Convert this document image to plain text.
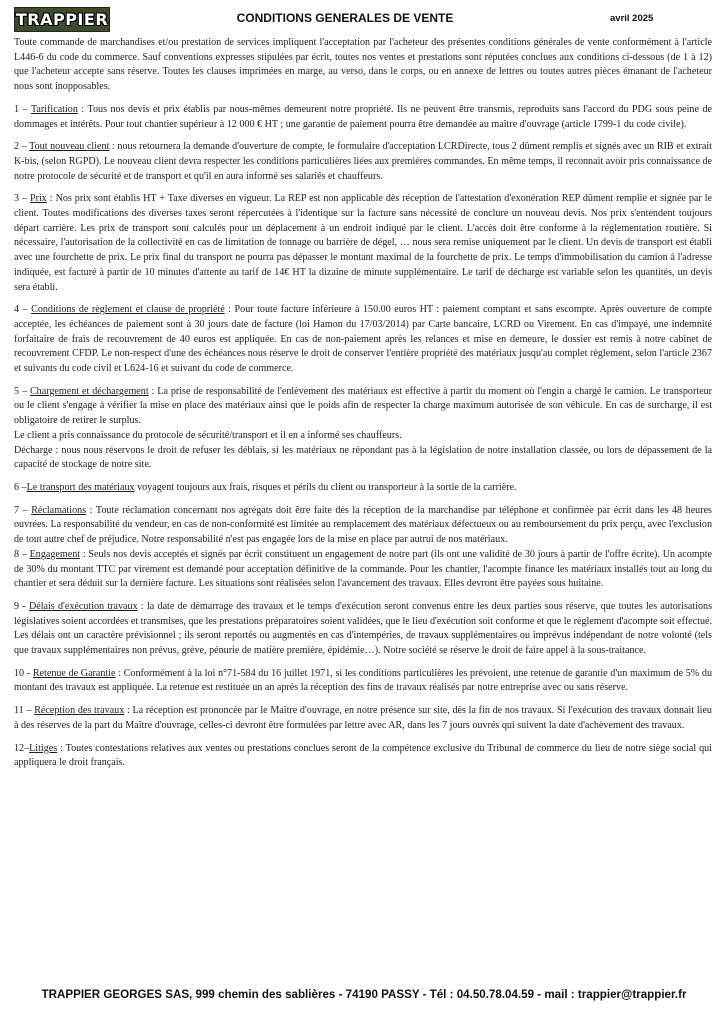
TRAPPIER	CONDITIONS GENERALES DE VENTE	avril 2025

Toute commande de marchandises et/ou prestation de services impliquent l'acceptation par l'acheteur des présentes conditions générales de vente conformément à l'article L446-6 du code du commerce. Sauf conventions expresses stipulées par écrit, toutes nos ventes et prestations sont réputées conclues aux conditions ci-dessous (de 1 à 12) que l'acheteur accepte sans réserve. Toutes les clauses imprimées en marge, au verso, dans le corps, ou en annexe de lettres ou toutes autres pièces émanant de l'acheteur nous sont inopposables.

1 – Tarification : Tous nos devis et prix établis par nous-mêmes demeurent notre propriété. Ils ne peuvent être transmis, reproduits sans l'accord du PDG sous peine de dommages et intérêts. Pour tout chantier supérieur à 12 000 € HT ; une garantie de paiement pourra être demandée au maître d'ouvrage (article 1799-1 du code civile).

2 – Tout nouveau client : nous retournera la demande d'ouverture de compte, le formulaire d'acceptation LCRDirecte, tous 2 dûment remplis et signés avec un RIB et extrait K-bis, (selon RGPD). Le nouveau client devra respecter les conditions particulières liées aux premières commandes. En même temps, il reconnait avoir pris connaissance de notre protocole de sécurité et de transport et qu'il en aura informé ses salariés et chauffeurs.

3 – Prix : Nos prix sont établis HT + Taxe diverses en vigueur. La REP est non applicable dès réception de l'attestation d'exonération REP dûment remplie et signée par le client. Toutes modifications des diverses taxes seront répercutées à l'identique sur la facture sans nécessité de conclure un nouveau devis. Nos prix s'entendent toujours départ carrière. Les prix de transport sont calculés pour un déplacement à un endroit indiqué par le client. L'accès doit être conforme à la réglementation routière. Si nécessaire, l'autorisation de la collectivité en cas de limitation de tonnage ou barrière de dégel, … nous sera remise uniquement par le client. Un devis de transport est établi avec une fourchette de prix. Le prix final du transport ne pourra pas dépasser le montant maximal de la fourchette de prix. Le temps d'immobilisation du camion à l'adresse indiquée, est facturé à partir de 10 minutes d'attente au tarif de 14€ HT la dizaine de minute supplémentaire. Le tarif de décharge est variable selon les quantités, un devis sera établi.

4 – Conditions de règlement et clause de propriété : Pour toute facture inférieure à 150.00 euros HT : paiement comptant et sans escompte. Après ouverture de compte acceptée, les échéances de paiement sont à 30 jours date de facture (loi Hamon du 17/03/2014) par Carte bancaire, LCRD ou Virement. En cas d'impayé, une indemnité forfaitaire de frais de recouvrement de 40 euros est appliquée. En cas de non-paiement après les relances et mise en demeure, le dossier est remis à notre cabinet de recouvrement CFDP. Le non-respect d'une des échéances nous réserve le droit de conserver l'entière propriété des matériaux jusqu'au complet règlement, selon l'article 2367 et suivants du code civil et L624-16 et suivant du code de commerce.

5 – Chargement et déchargement : La prise de responsabilité de l'enlèvement des matériaux est effective à partir du moment où l'engin a chargé le camion. Le transporteur ou le client s'engage à vérifier la mise en place des matériaux ainsi que le poids afin de respecter la charge maximum autorisée de son véhicule. En cas de surcharge, il est obligatoire de retirer le surplus.

Le client a pris connaissance du protocole de sécurité/transport et il en a informé ses chauffeurs.

Décharge : nous nous réservons le droit de refuser les déblais, si les matériaux ne répondant pas à la législation de notre installation classée, ou lors de dépassement de la capacité de stockage de notre site.

6 –Le transport des matériaux voyagent toujours aux frais, risques et périls du client ou transporteur à la sortie de la carrière.

7 – Réclamations : Toute réclamation concernant nos agrégats doit être faite dès la réception de la marchandise par téléphone et confirmée par écrit dans les 48 heures ouvrées. La responsabilité du vendeur, en cas de non-conformité est limitée au remplacement des matériaux défectueux ou au remboursement du prix perçu, avec l'exclusion de tout autre chef de préjudice. Notre responsabilité n'est pas engagée lors de la mise en place par autrui de nos matériaux.

8 – Engagement : Seuls nos devis acceptés et signés par écrit constituent un engagement de notre part (ils ont une validité de 30 jours à partir de l'offre écrite). Un acompte de 30% du montant TTC par virement est demandé pour acceptation définitive de la commande. Pour les chantier, l'acompte finance les matériaux installés tout au long du chantier et sera déduit sur la dernière facture. Les situations sont réalisées selon l'avancement des travaux. Elles devront être payées sous huitaine.

9 - Délais d'exécution travaux : la date de démarrage des travaux et le temps d'exécution seront convenus entre les deux parties sous réserve, que toutes les autorisations législatives soient accordées et transmises, que les prestations préparatoires soient validées, que le lieu d'exécution soit conforme et que le règlement d'acompte soit effectué. Les délais ont un caractère prévisionnel ; ils seront reportés ou augmentés en cas d'intempéries, de travaux supplémentaires ou imprévus indépendant de notre volonté (tels que travaux supplémentaires non prévus, grève, pénurie de matière première, épidémie…). Notre société se réserve le droit de faire appel à la sous-traitance.

10 - Retenue de Garantie : Conformément à la loi n°71-584 du 16 juillet 1971, si les conditions particulières les prévoient, une retenue de garantie d'un maximum de 5% du montant des travaux est appliquée. La retenue est restituée un an après la réception des fins de travaux réalisés par notre entreprise avec ou sans réserve.

11 – Réception des travaux : La réception est prononcée par le Maître d'ouvrage, en notre présence sur site, dès la fin de nos travaux. Si l'exécution des travaux donnait lieu à des réserves de la part du Maître d'ouvrage, celles-ci devront être formulées par lettre avec AR, dans les 7 jours ouvrés qui suivent la date d'achèvement des travaux.

12–Litiges : Toutes contestations relatives aux ventes ou prestations conclues seront de la compétence exclusive du Tribunal de commerce du lieu de notre siège social qui appliquera le droit français.

TRAPPIER GEORGES SAS, 999 chemin des sablières - 74190 PASSY - Tél : 04.50.78.04.59 - mail : trappier@trappier.fr
